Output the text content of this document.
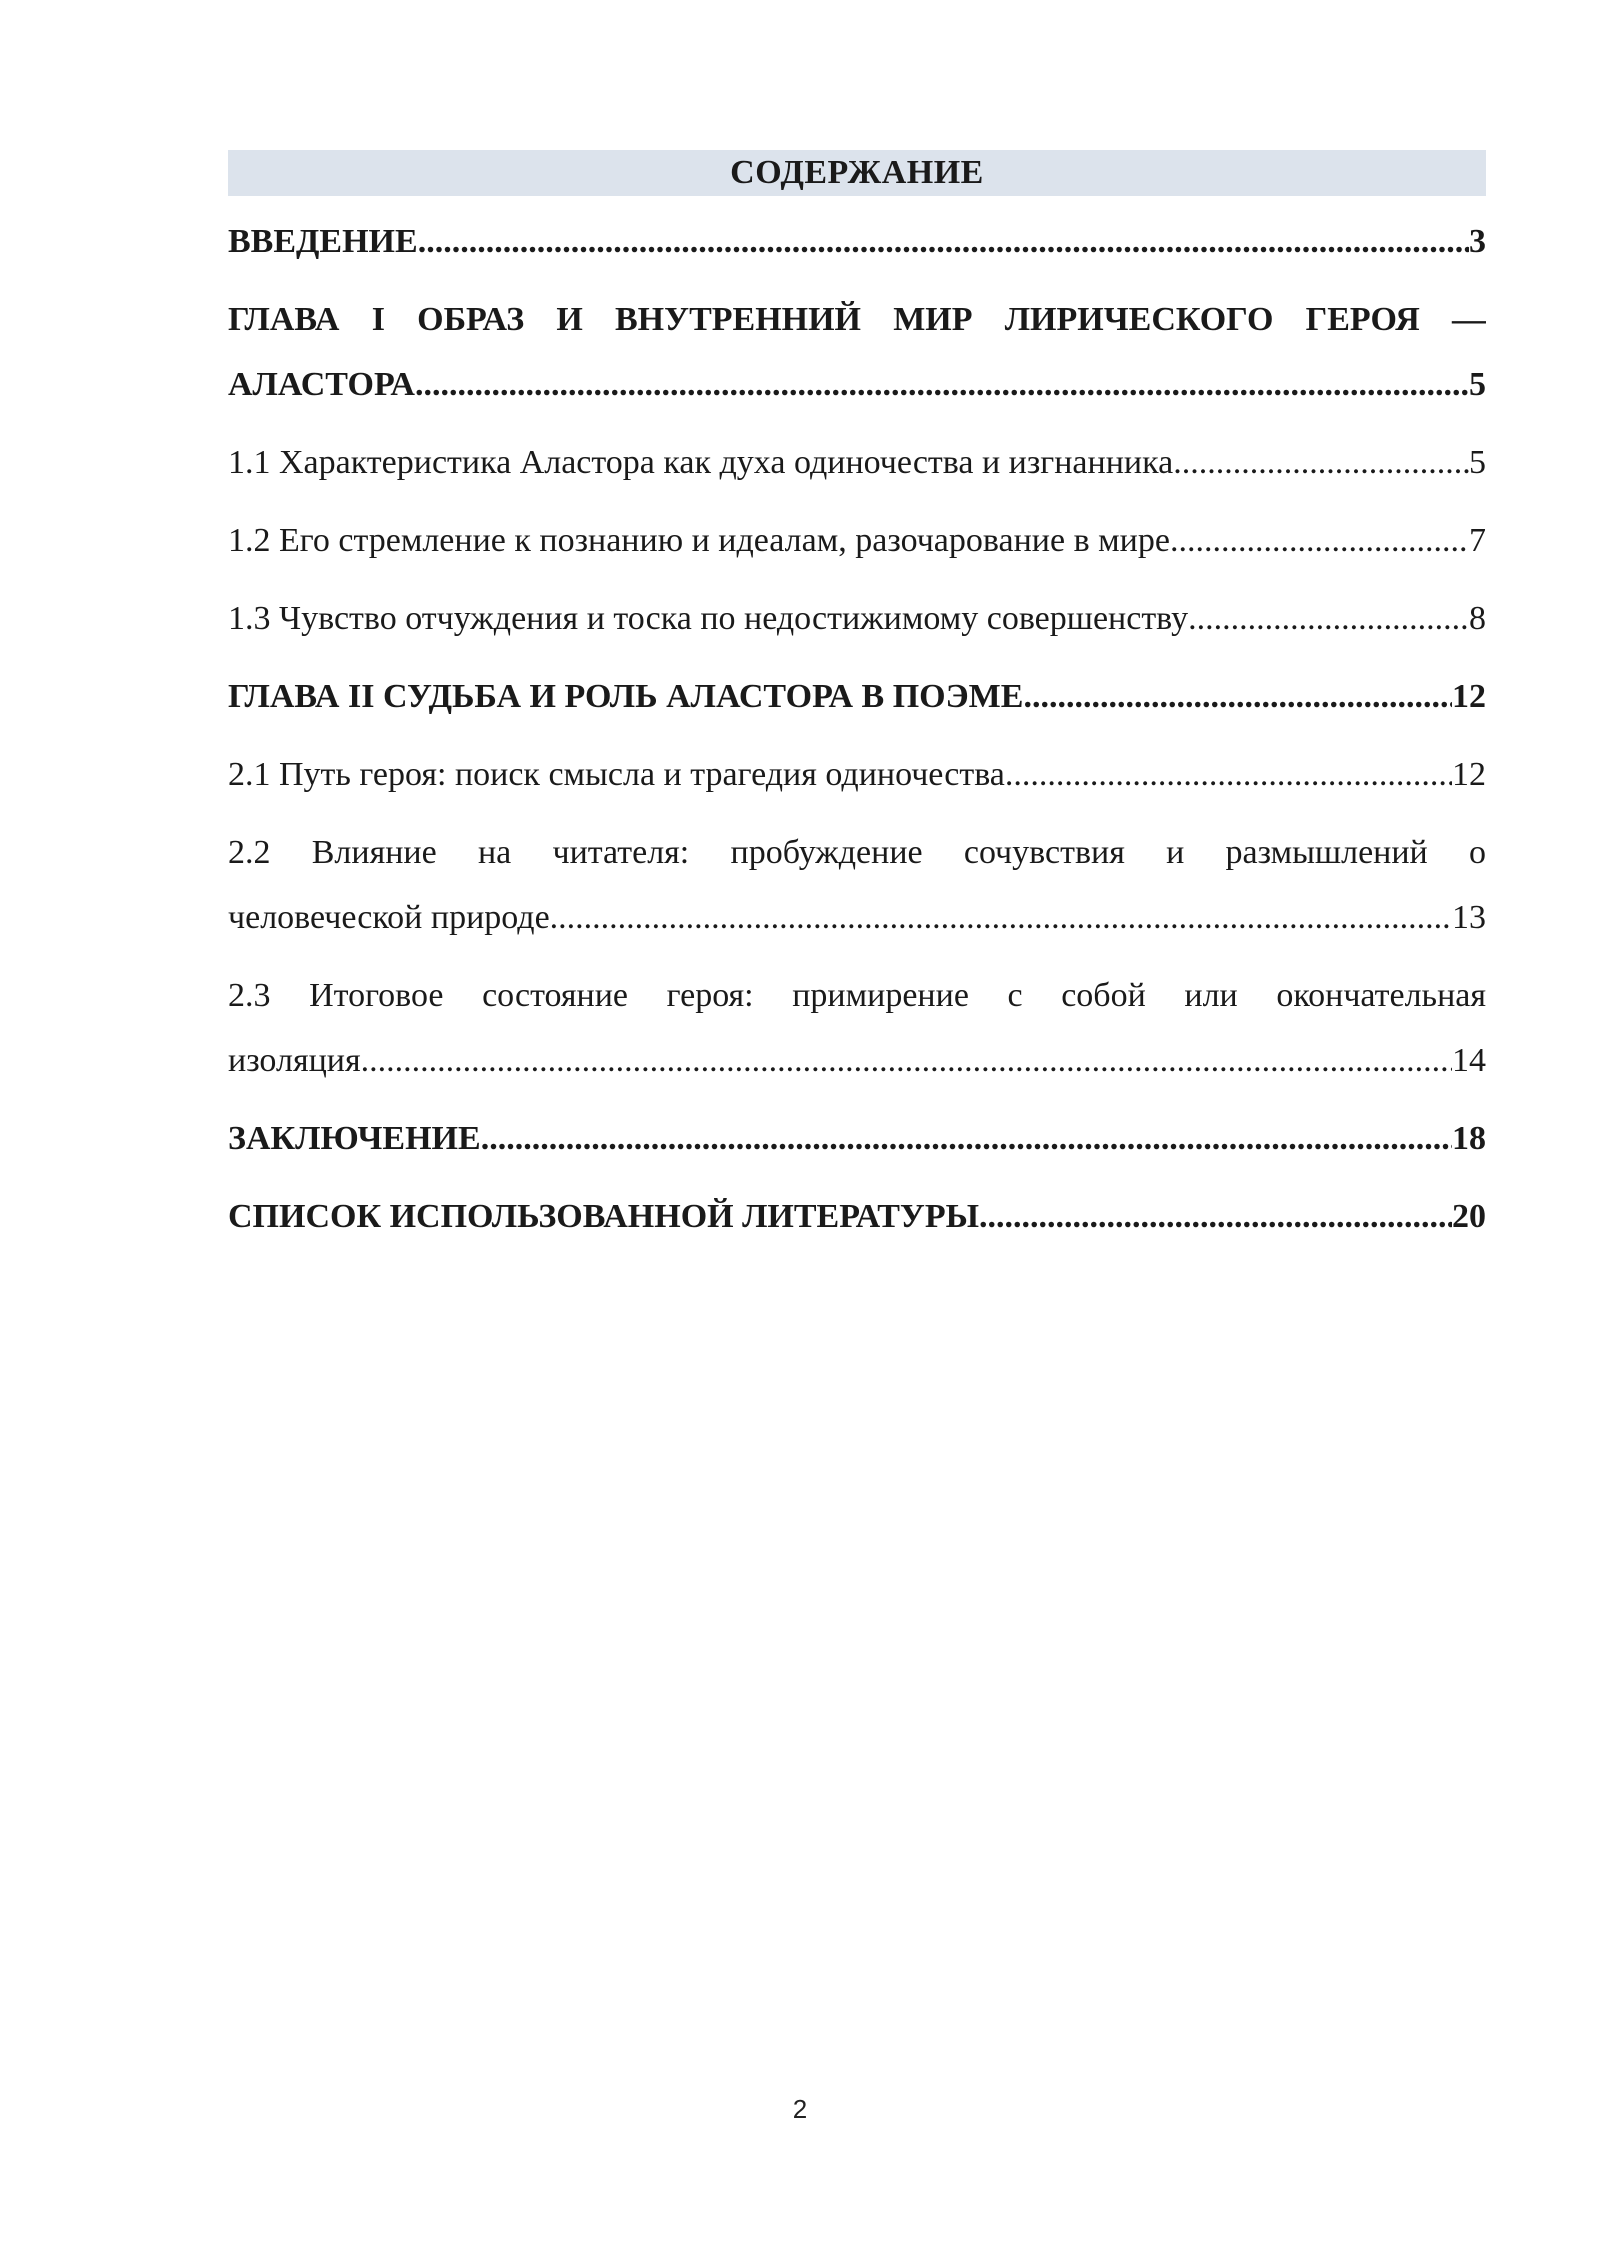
СОДЕРЖАНИЕ
ВВЕДЕНИЕ .....	3
ГЛАВА I ОБРАЗ И ВНУТРЕННИЙ МИР ЛИРИЧЕСКОГО ГЕРОЯ —
АЛАСТОРА .....	5
1.1 Характеристика Аластора как духа одиночества и изгнанника .....	5
1.2 Его стремление к познанию и идеалам, разочарование в мире .....	7
1.3 Чувство отчуждения и тоска по недостижимому совершенству .....	8
ГЛАВА II СУДЬБА И РОЛЬ АЛАСТОРА В ПОЭМЕ .....	12
2.1 Путь героя: поиск смысла и трагедия одиночества .....	12
2.2 Влияние на читателя: пробуждение сочувствия и размышлений о
человеческой природе .....	13
2.3 Итоговое состояние героя: примирение с собой или окончательная
изоляция .....	14
ЗАКЛЮЧЕНИЕ .....	18
СПИСОК ИСПОЛЬЗОВАННОЙ ЛИТЕРАТУРЫ .....	20
2
